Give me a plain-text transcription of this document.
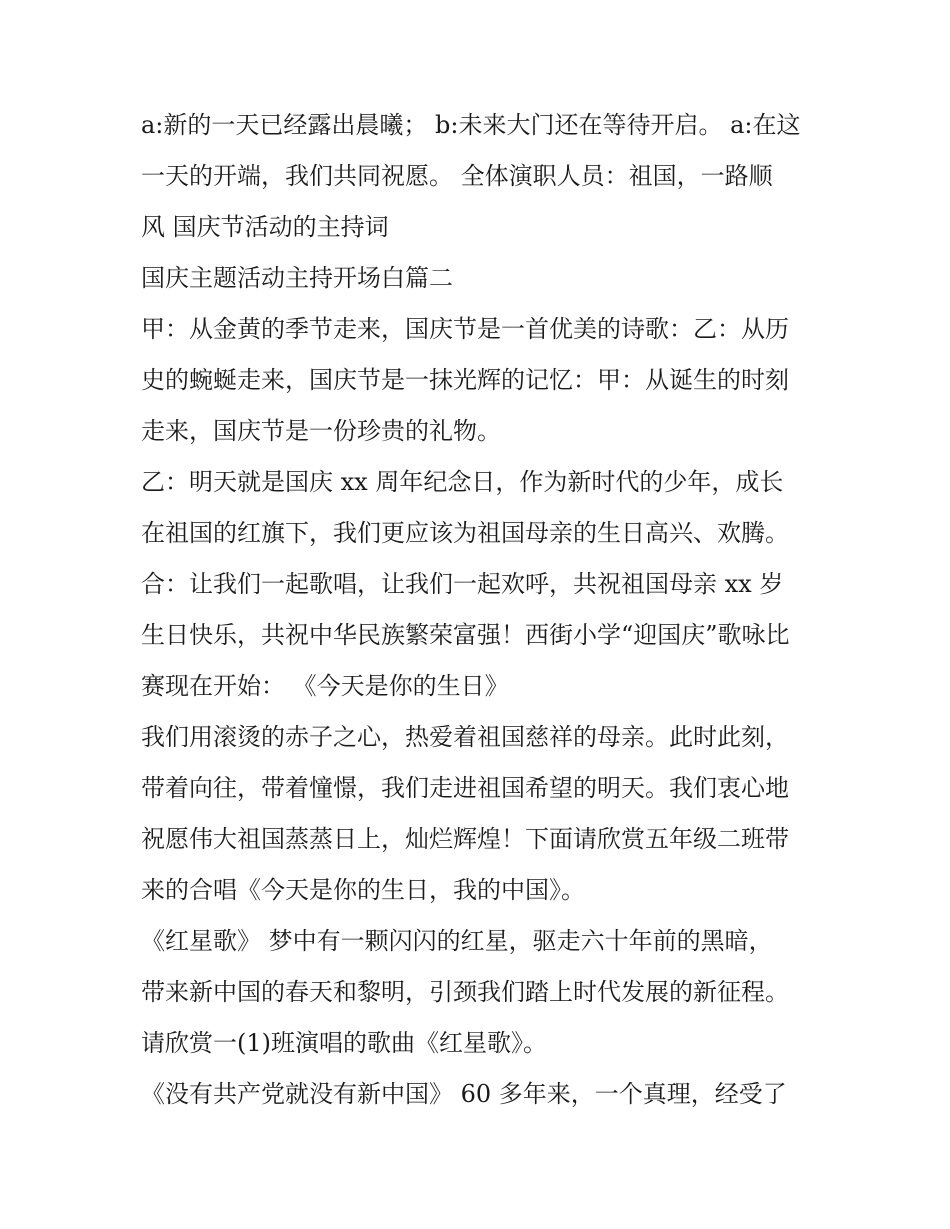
a:新的一天已经露出晨曦； b:未来大门还在等待开启。 a:在这
一天的开端，我们共同祝愿。 全体演职人员：祖国，一路顺
风 国庆节活动的主持词
国庆主题活动主持开场白篇二
甲：从金黄的季节走来，国庆节是一首优美的诗歌：乙：从历
史的蜿蜒走来，国庆节是一抹光辉的记忆：甲：从诞生的时刻
走来，国庆节是一份珍贵的礼物。
乙：明天就是国庆 xx 周年纪念日，作为新时代的少年，成长
在祖国的红旗下，我们更应该为祖国母亲的生日高兴、欢腾。
合：让我们一起歌唱，让我们一起欢呼，共祝祖国母亲 xx 岁
生日快乐，共祝中华民族繁荣富强！西街小学“迎国庆”歌咏比
赛现在开始： 《今天是你的生日》
我们用滚烫的赤子之心，热爱着祖国慈祥的母亲。此时此刻，
带着向往，带着憧憬，我们走进祖国希望的明天。我们衷心地
祝愿伟大祖国蒸蒸日上，灿烂辉煌！下面请欣赏五年级二班带
来的合唱《今天是你的生日，我的中国》。
《红星歌》 梦中有一颗闪闪的红星，驱走六十年前的黑暗，
带来新中国的春天和黎明，引颈我们踏上时代发展的新征程。
请欣赏一(1)班演唱的歌曲《红星歌》。
《没有共产党就没有新中国》 60 多年来，一个真理，经受了
